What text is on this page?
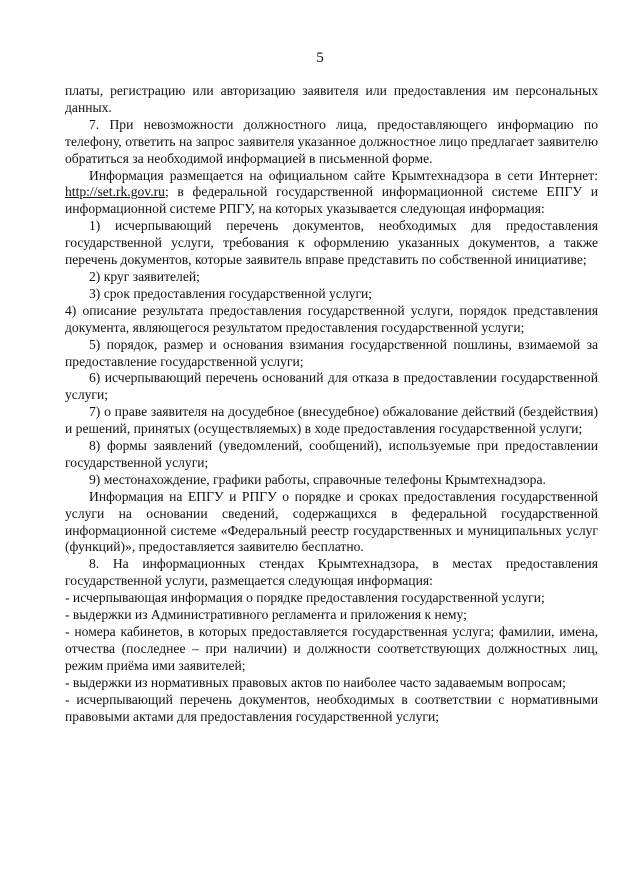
5

платы, регистрацию или авторизацию заявителя или предоставления им персональных данных.

7. При невозможности должностного лица, предоставляющего информацию по телефону, ответить на запрос заявителя указанное должностное лицо предлагает заявителю обратиться за необходимой информацией в письменной форме.

Информация размещается на официальном сайте Крымтехнадзора в сети Интернет: http://set.rk.gov.ru; в федеральной государственной информационной системе ЕПГУ и информационной системе РПГУ, на которых указывается следующая информация:

1) исчерпывающий перечень документов, необходимых для предоставления государственной услуги, требования к оформлению указанных документов, а также перечень документов, которые заявитель вправе представить по собственной инициативе;

2) круг заявителей;

3) срок предоставления государственной услуги;

4) описание результата предоставления государственной услуги, порядок представления документа, являющегося результатом предоставления государственной услуги;

5) порядок, размер и основания взимания государственной пошлины, взимаемой за предоставление государственной услуги;

6) исчерпывающий перечень оснований для отказа в предоставлении государственной услуги;

7) о праве заявителя на досудебное (внесудебное) обжалование действий (бездействия) и решений, принятых (осуществляемых) в ходе предоставления государственной услуги;

8) формы заявлений (уведомлений, сообщений), используемые при предоставлении государственной услуги;

9) местонахождение, графики работы, справочные телефоны Крымтехнадзора.

Информация на ЕПГУ и РПГУ о порядке и сроках предоставления государственной услуги на основании сведений, содержащихся в федеральной государственной информационной системе «Федеральный реестр государственных и муниципальных услуг (функций)», предоставляется заявителю бесплатно.

8. На информационных стендах Крымтехнадзора, в местах предоставления государственной услуги, размещается следующая информация:

- исчерпывающая информация о порядке предоставления государственной услуги;

- выдержки из Административного регламента и приложения к нему;

- номера кабинетов, в которых предоставляется государственная услуга; фамилии, имена, отчества (последнее – при наличии) и должности соответствующих должностных лиц, режим приёма ими заявителей;

- выдержки из нормативных правовых актов по наиболее часто задаваемым вопросам;

- исчерпывающий перечень документов, необходимых в соответствии с нормативными правовыми актами для предоставления государственной услуги;
